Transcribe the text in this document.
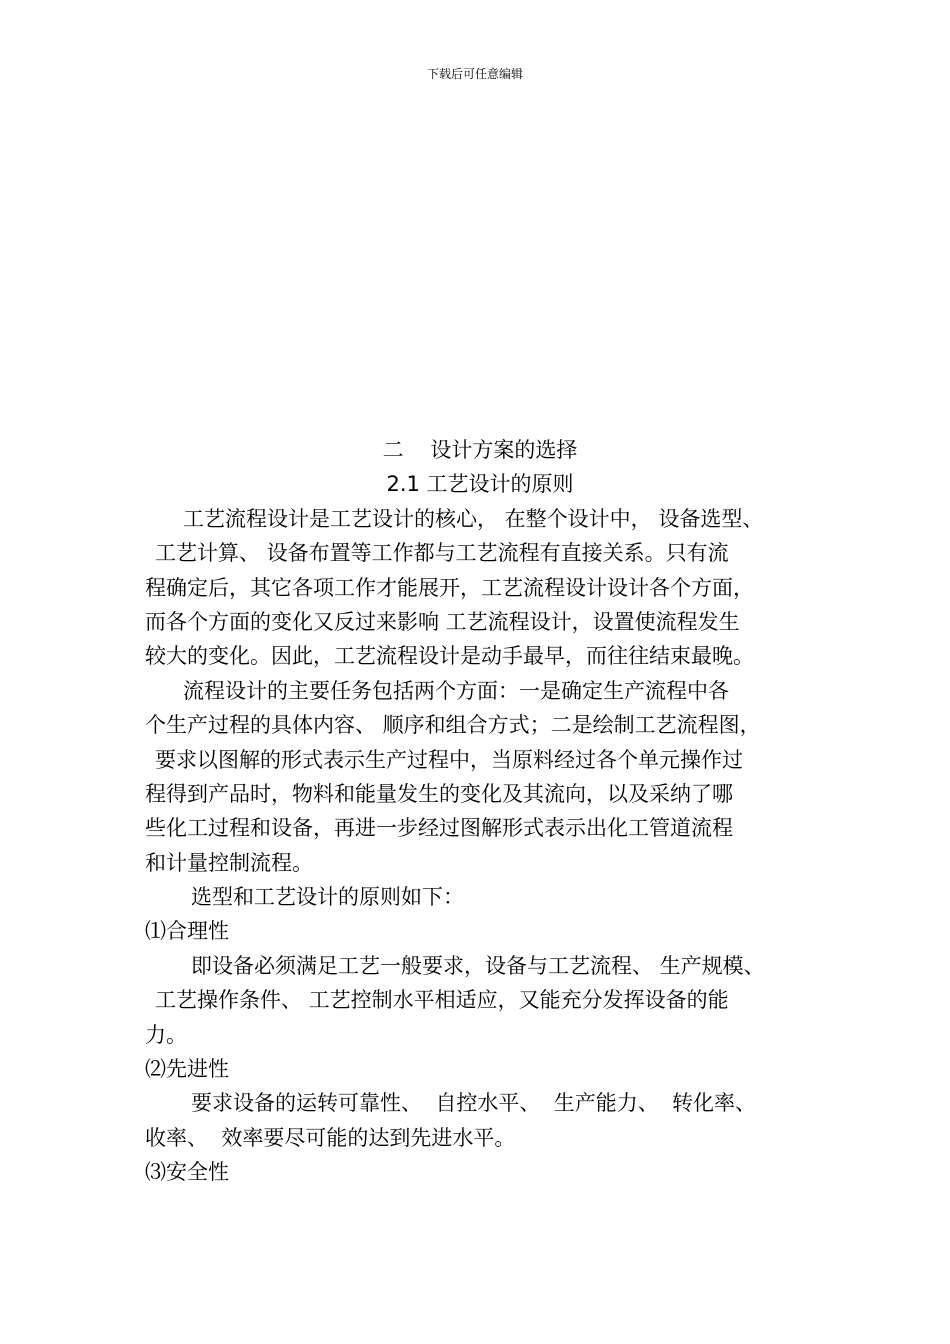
下载后可任意编辑
二    设计方案的选择
2.1 工艺设计的原则
工艺流程设计是工艺设计的核心， 在整个设计中， 设备选型、
工艺计算、 设备布置等工作都与工艺流程有直接关系。只有流
程确定后，其它各项工作才能展开，工艺流程设计设计各个方面，
而各个方面的变化又反过来影响 工艺流程设计，设置使流程发生
较大的变化。因此，工艺流程设计是动手最早，而往往结束最晚。
流程设计的主要任务包括两个方面：一是确定生产流程中各
个生产过程的具体内容、 顺序和组合方式；二是绘制工艺流程图，
要求以图解的形式表示生产过程中，当原料经过各个单元操作过
程得到产品时，物料和能量发生的变化及其流向，以及采纳了哪
些化工过程和设备，再进一步经过图解形式表示出化工管道流程
和计量控制流程。
选型和工艺设计的原则如下：
⑴合理性
即设备必须满足工艺一般要求，设备与工艺流程、 生产规模、
工艺操作条件、 工艺控制水平相适应，又能充分发挥设备的能
力。
⑵先进性
要求设备的运转可靠性、  自控水平、  生产能力、  转化率、
收率、  效率要尽可能的达到先进水平。
⑶安全性
